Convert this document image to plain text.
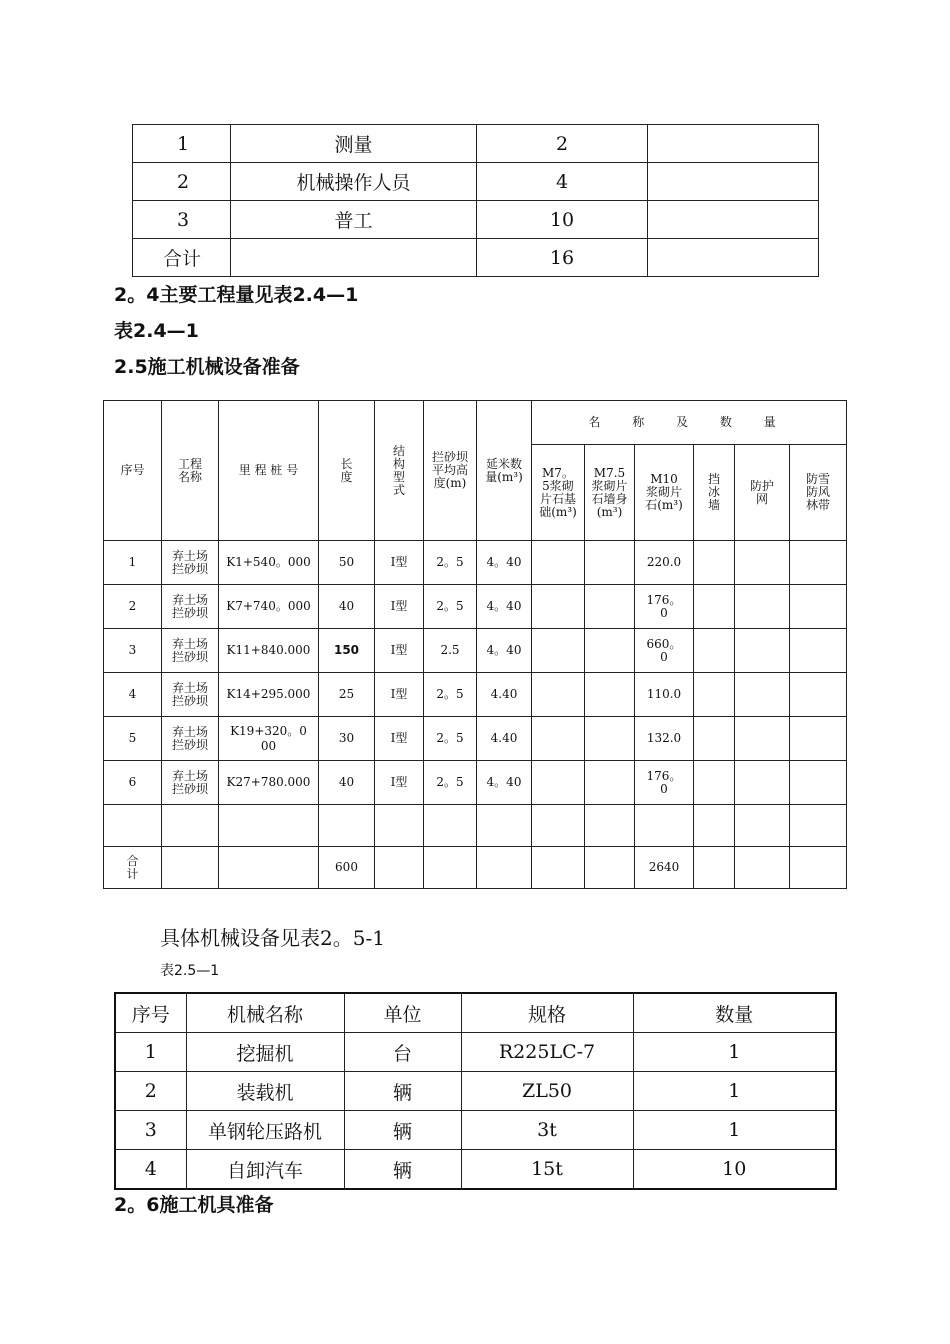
1	测量	2	
2	机械操作人员	4	
3	普工	10	
合计		16	
2。4主要工程量见表2.4—1
表2.4—1
2.5施工机械设备准备
序号	工程名称	里 程 桩 号	长度	结构型式	拦砂坝平均高度(m)	延米数量(m³)	名 称 及 数 量					
							M7。5浆砌片石基础(m³)	M7.5浆砌片石墙身(m³)	M10浆砌片石(m³)	挡冰墙	防护网	防雪防风林带
1	弃土场拦砂坝	K1+540。000	50	Ⅰ型	2。5	4。40			220.0			
2	弃土场拦砂坝	K7+740。000	40	Ⅰ型	2。5	4。40			176。0			
3	弃土场拦砂坝	K11+840.000	150	Ⅰ型	2.5	4。40			660。0			
4	弃土场拦砂坝	K14+295.000	25	Ⅰ型	2。5	4.40			110.0			
5	弃土场拦砂坝	K19+320。000	30	Ⅰ型	2。5	4.40			132.0			
6	弃土场拦砂坝	K27+780.000	40	Ⅰ型	2。5	4。40			176。0			

合计			600						2640			
具体机械设备见表2。5-1
表2.5—1
序号	机械名称	单位	规格	数量
1	挖掘机	台	R225LC-7	1
2	装载机	辆	ZL50	1
3	单钢轮压路机	辆	3t	1
4	自卸汽车	辆	15t	10
2。6施工机具准备
